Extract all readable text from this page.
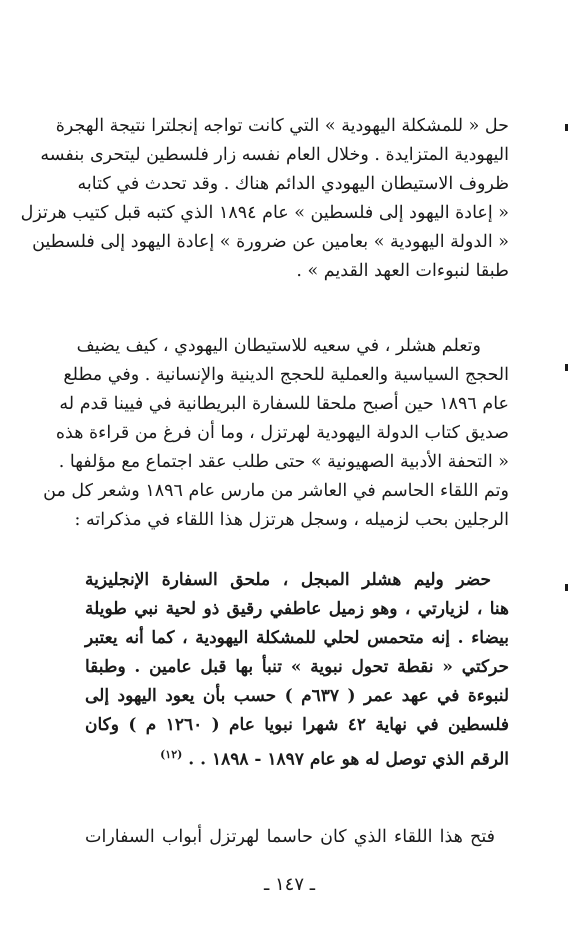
حل « للمشكلة اليهودية » التي كانت تواجه إنجلترا نتيجة الهجرة
اليهودية المتزايدة . وخلال العام نفسه زار فلسطين ليتحرى بنفسه
ظروف الاستيطان اليهودي الدائم هناك . وقد تحدث في كتابه
« إعادة اليهود إلى فلسطين » عام ١٨٩٤ الذي كتبه قبل كتيب هرتزل
« الدولة اليهودية » بعامين عن ضرورة » إعادة اليهود إلى فلسطين
طبقا لنبوءات العهد القديم » .
وتعلم هشلر ، في سعيه للاستيطان اليهودي ، كيف يضيف
الحجج السياسية والعملية للحجج الدينية والإنسانية . وفي مطلع
عام ١٨٩٦ حين أصبح ملحقا للسفارة البريطانية في فيينا قدم له
صديق كتاب الدولة اليهودية لهرتزل ، وما أن فرغ من قراءة هذه
« التحفة الأدبية الصهيونية » حتى طلب عقد اجتماع مع مؤلفها .
وتم اللقاء الحاسم في العاشر من مارس عام ١٨٩٦ وشعر كل من
الرجلين بحب لزميله ، وسجل هرتزل هذا اللقاء في مذكراته :
حضر وليم هشلر المبجل ، ملحق السفارة الإنجليزية
هنا ، لزيارتي ، وهو زميل عاطفي رقيق ذو لحية نبي طويلة
بيضاء . إنه متحمس لحلي للمشكلة اليهودية ، كما أنه يعتبر
حركتي « نقطة تحول نبوية » تنبأ بها قبل عامين . وطبقا
لنبوءة في عهد عمر ( ٦٣٧م ) حسب بأن يعود اليهود إلى
فلسطين في نهاية ٤٢ شهرا نبويا عام ( ١٢٦٠ م ) وكان
الرقم الذي توصل له هو عام ١٨٩٧ - ١٨٩٨ . . $^{(١٢)}$
فتح هذا اللقاء الذي كان حاسما لهرتزل أبواب السفارات
ـ ١٤٧ ـ
